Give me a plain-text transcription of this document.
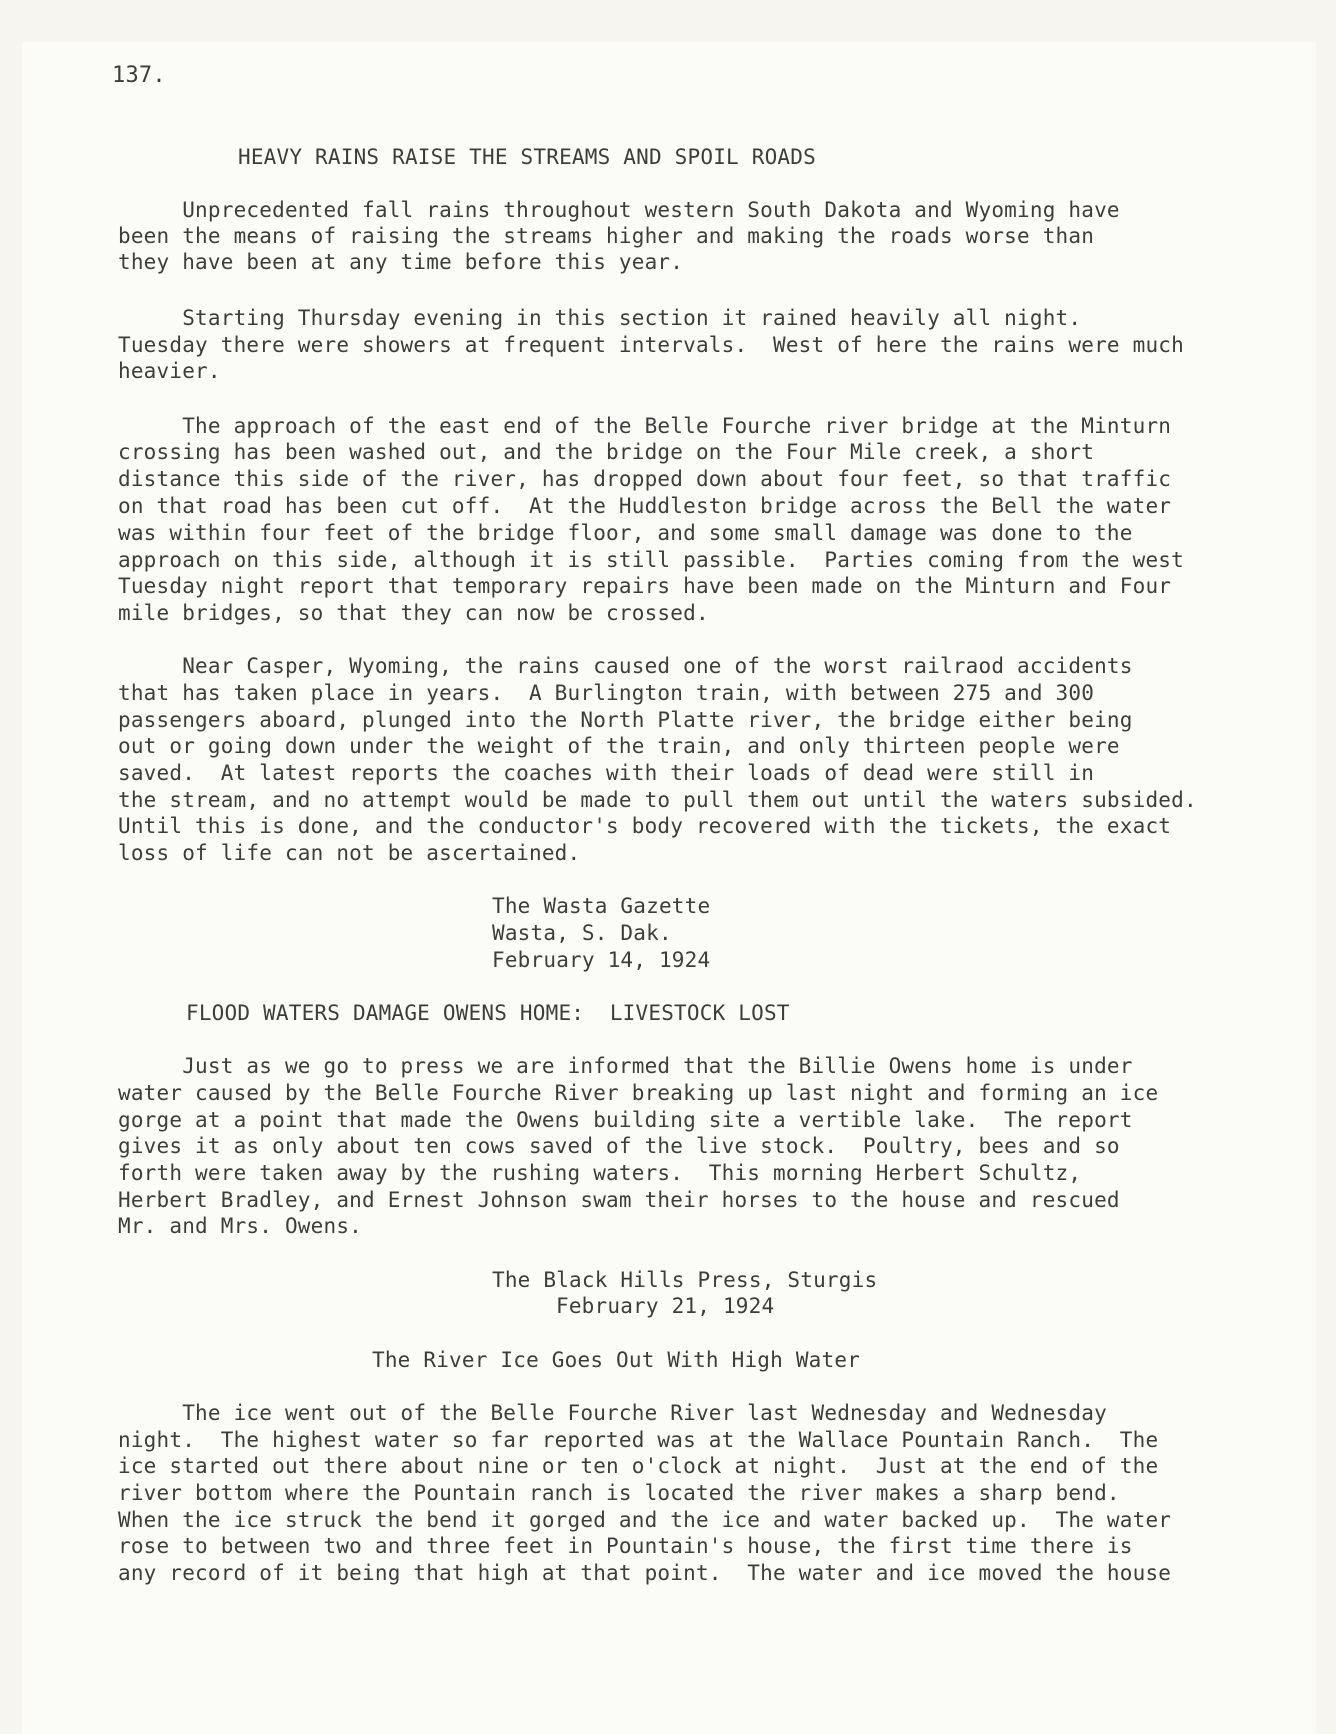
137.
HEAVY RAINS RAISE THE STREAMS AND SPOIL ROADS
Unprecedented fall rains throughout western South Dakota and Wyoming have
been the means of raising the streams higher and making the roads worse than
they have been at any time before this year.
Starting Thursday evening in this section it rained heavily all night.
Tuesday there were showers at frequent intervals.  West of here the rains were much
heavier.
The approach of the east end of the Belle Fourche river bridge at the Minturn
crossing has been washed out, and the bridge on the Four Mile creek, a short
distance this side of the river, has dropped down about four feet, so that traffic
on that road has been cut off.  At the Huddleston bridge across the Bell the water
was within four feet of the bridge floor, and some small damage was done to the
approach on this side, although it is still passible.  Parties coming from the west
Tuesday night report that temporary repairs have been made on the Minturn and Four
mile bridges, so that they can now be crossed.
Near Casper, Wyoming, the rains caused one of the worst railraod accidents
that has taken place in years.  A Burlington train, with between 275 and 300
passengers aboard, plunged into the North Platte river, the bridge either being
out or going down under the weight of the train, and only thirteen people were
saved.  At latest reports the coaches with their loads of dead were still in
the stream, and no attempt would be made to pull them out until the waters subsided.
Until this is done, and the conductor's body recovered with the tickets, the exact
loss of life can not be ascertained.
The Wasta Gazette
Wasta, S. Dak.
February 14, 1924
FLOOD WATERS DAMAGE OWENS HOME:  LIVESTOCK LOST
Just as we go to press we are informed that the Billie Owens home is under
water caused by the Belle Fourche River breaking up last night and forming an ice
gorge at a point that made the Owens building site a vertible lake.  The report
gives it as only about ten cows saved of the live stock.  Poultry, bees and so
forth were taken away by the rushing waters.  This morning Herbert Schultz,
Herbert Bradley, and Ernest Johnson swam their horses to the house and rescued
Mr. and Mrs. Owens.
The Black Hills Press, Sturgis
February 21, 1924
The River Ice Goes Out With High Water
The ice went out of the Belle Fourche River last Wednesday and Wednesday
night.  The highest water so far reported was at the Wallace Pountain Ranch.  The
ice started out there about nine or ten o'clock at night.  Just at the end of the
river bottom where the Pountain ranch is located the river makes a sharp bend.
When the ice struck the bend it gorged and the ice and water backed up.  The water
rose to between two and three feet in Pountain's house, the first time there is
any record of it being that high at that point.  The water and ice moved the house
